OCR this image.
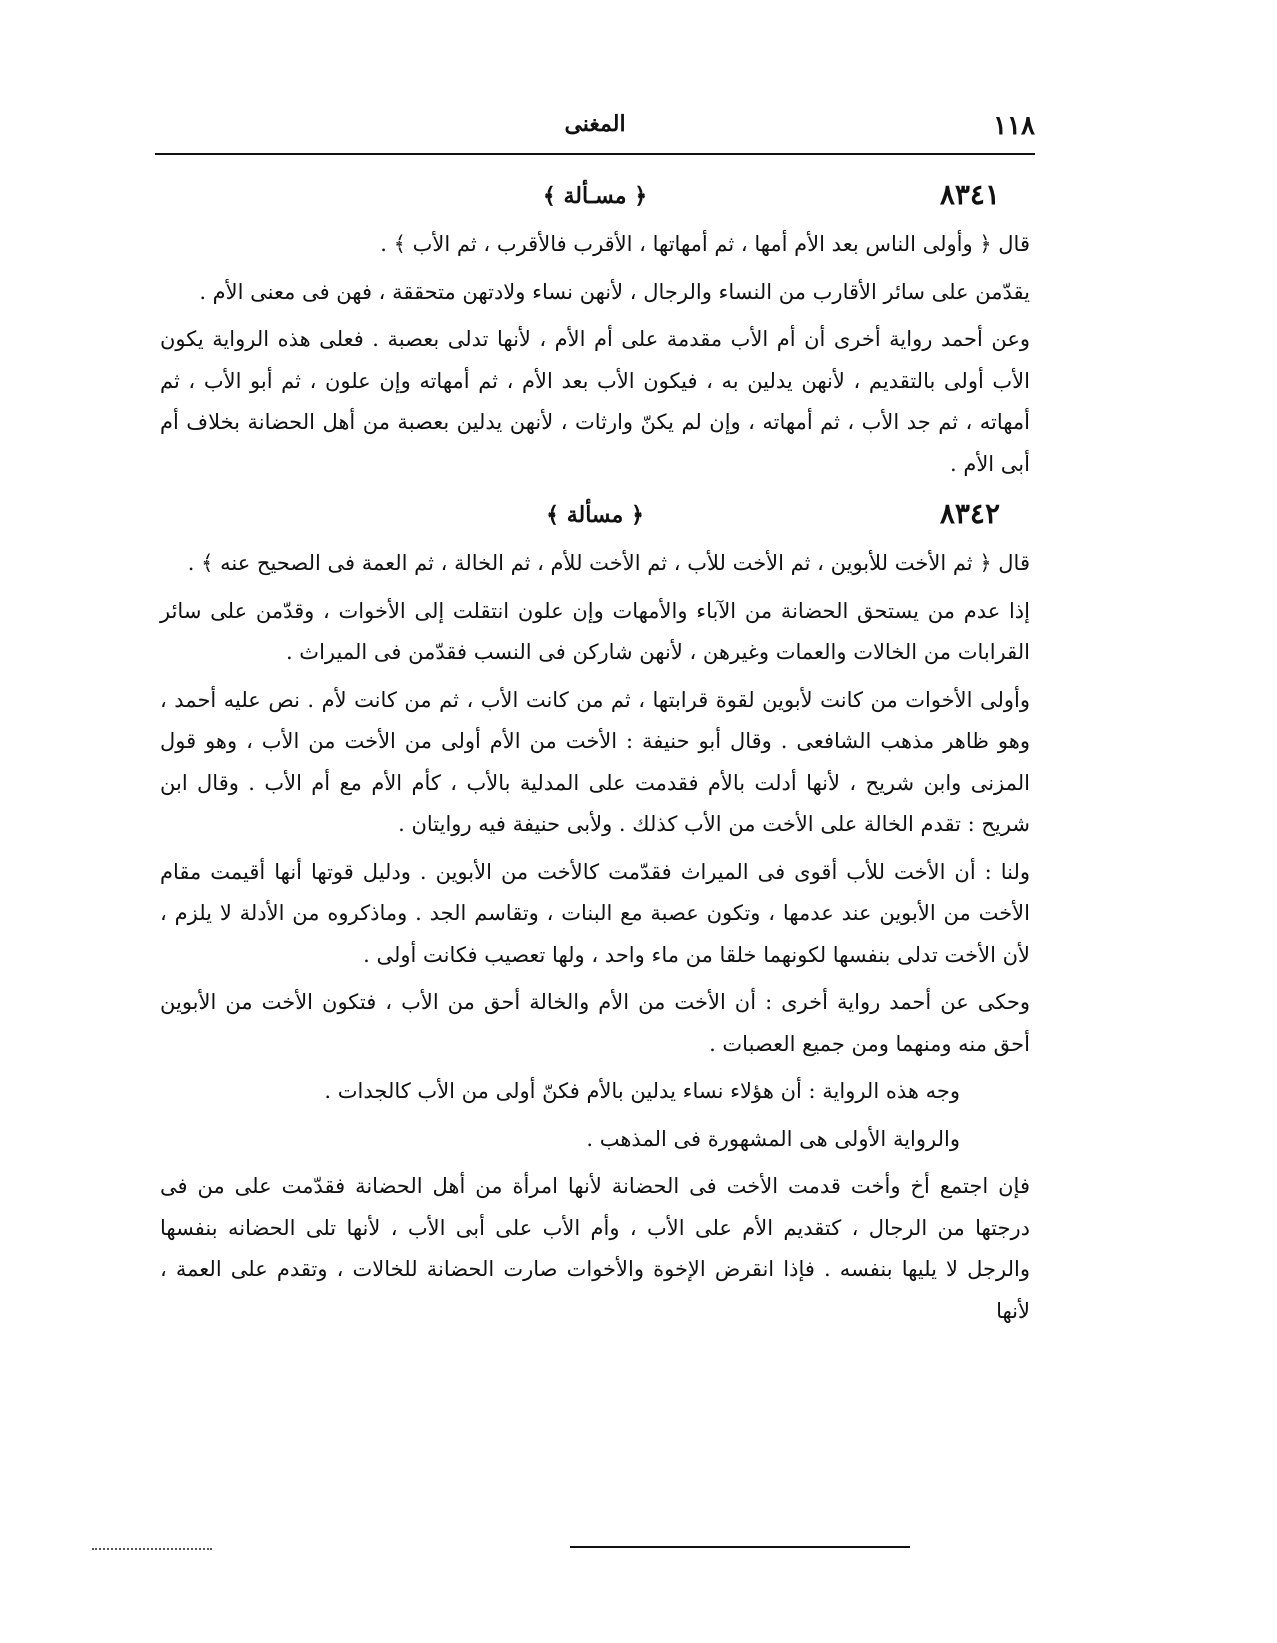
١١٨
المغنى
٨٣٤١
﴿ مسـألة ﴾

قال ﴿ وأولى الناس بعد الأم أمها ، ثم أمهاتها ، الأقرب فالأقرب ، ثم الأب ﴾ .

يقدّمن على سائر الأقارب من النساء والرجال ، لأنهن نساء ولادتهن متحققة ، فهن فى معنى الأم .

وعن أحمد رواية أخرى أن أم الأب مقدمة على أم الأم ، لأنها تدلى بعصبة . فعلى هذه الرواية يكون الأب أولى بالتقديم ، لأنهن يدلين به ، فيكون الأب بعد الأم ، ثم أمهاته وإن علون ، ثم أبو الأب ، ثم أمهاته ، ثم جد الأب ، ثم أمهاته ، وإن لم يكنّ وارثات ، لأنهن يدلين بعصبة من أهل الحضانة بخلاف أم أبى الأم .

٨٣٤٢
﴿ مسألة ﴾

قال ﴿ ثم الأخت للأبوين ، ثم الأخت للأب ، ثم الأخت للأم ، ثم الخالة ، ثم العمة فى الصحيح عنه ﴾ .

إذا عدم من يستحق الحضانة من الآباء والأمهات وإن علون انتقلت إلى الأخوات ، وقدّمن على سائر القرابات من الخالات والعمات وغيرهن ، لأنهن شاركن فى النسب فقدّمن فى الميراث .

وأولى الأخوات من كانت لأبوين لقوة قرابتها ، ثم من كانت الأب ، ثم من كانت لأم . نص عليه أحمد ، وهو ظاهر مذهب الشافعى . وقال أبو حنيفة : الأخت من الأم أولى من الأخت من الأب ، وهو قول المزنى وابن شريح ، لأنها أدلت بالأم فقدمت على المدلية بالأب ، كأم الأم مع أم الأب . وقال ابن شريح : تقدم الخالة على الأخت من الأب كذلك . ولأبى حنيفة فيه روايتان .

ولنا : أن الأخت للأب أقوى فى الميراث فقدّمت كالأخت من الأبوين . ودليل قوتها أنها أقيمت مقام الأخت من الأبوين عند عدمها ، وتكون عصبة مع البنات ، وتقاسم الجد . وماذكروه من الأدلة لا يلزم ، لأن الأخت تدلى بنفسها لكونهما خلقا من ماء واحد ، ولها تعصيب فكانت أولى .

وحكى عن أحمد رواية أخرى : أن الأخت من الأم والخالة أحق من الأب ، فتكون الأخت من الأبوين أحق منه ومنهما ومن جميع العصبات .

وجه هذه الرواية : أن هؤلاء نساء يدلين بالأم فكنّ أولى من الأب كالجدات .

والرواية الأولى هى المشهورة فى المذهب .

فإن اجتمع أخ وأخت قدمت الأخت فى الحضانة لأنها امرأة من أهل الحضانة فقدّمت على من فى درجتها من الرجال ، كتقديم الأم على الأب ، وأم الأب على أبى الأب ، لأنها تلى الحضانه بنفسها والرجل لا يليها بنفسه . فإذا انقرض الإخوة والأخوات صارت الحضانة للخالات ، وتقدم على العمة ، لأنها
